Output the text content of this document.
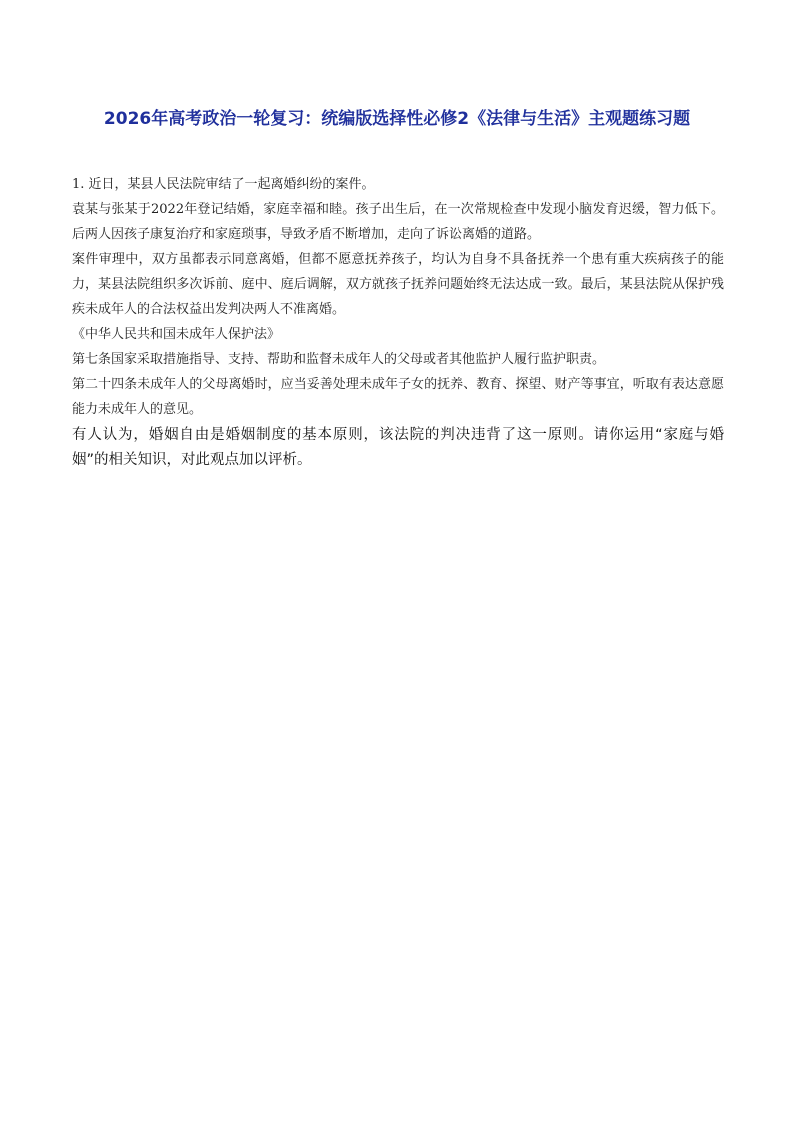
2026年高考政治一轮复习：统编版选择性必修2《法律与生活》主观题练习题

1. 近日，某县人民法院审结了一起离婚纠纷的案件。

袁某与张某于2022年登记结婚，家庭幸福和睦。孩子出生后，在一次常规检查中发现小脑发育迟缓，智力低下。后两人因孩子康复治疗和家庭琐事，导致矛盾不断增加，走向了诉讼离婚的道路。

案件审理中，双方虽都表示同意离婚，但都不愿意抚养孩子，均认为自身不具备抚养一个患有重大疾病孩子的能力，某县法院组织多次诉前、庭中、庭后调解，双方就孩子抚养问题始终无法达成一致。最后，某县法院从保护残疾未成年人的合法权益出发判决两人不准离婚。

《中华人民共和国未成年人保护法》

第七条国家采取措施指导、支持、帮助和监督未成年人的父母或者其他监护人履行监护职责。

第二十四条未成年人的父母离婚时，应当妥善处理未成年子女的抚养、教育、探望、财产等事宜，听取有表达意愿能力未成年人的意见。

有人认为，婚姻自由是婚姻制度的基本原则，该法院的判决违背了这一原则。请你运用“家庭与婚姻”的相关知识，对此观点加以评析。
